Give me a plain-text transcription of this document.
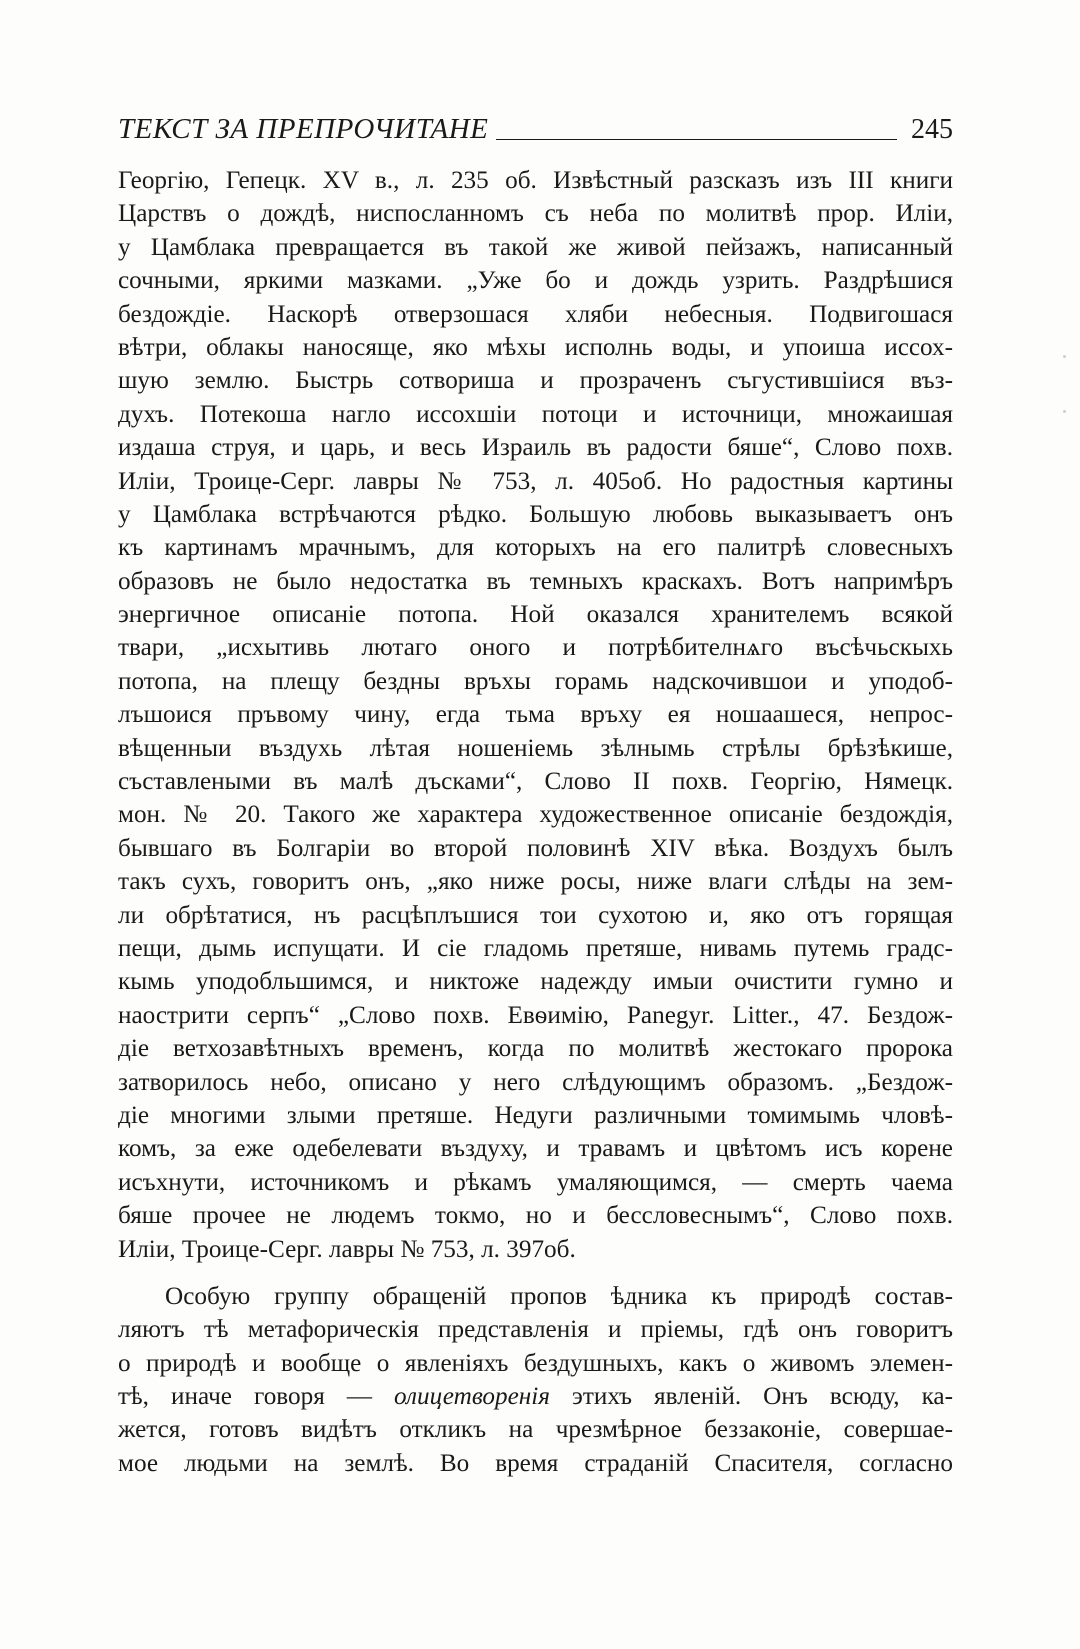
ТЕКСТ ЗА ПРЕПРОЧИТАНЕ	245
Георгію, Гепецк. XV в., л. 235 об. Извѣстный разсказъ изъ III книги
Царствъ о дождѣ, ниспосланномъ съ неба по молитвѣ прор. Иліи,
у Цамблака превращается въ такой же живой пейзажъ, написанный
сочными, яркими мазками. „Уже бо и дождь узрить. Раздрѣшися
бездождіе. Наскорѣ отверзошася хляби небесныя. Подвигошася
вѣтри, облакы наносяще, яко мѣхы исполнь воды, и упоиша иссох-
шую землю. Быстрь сотвориша и прозраченъ съгустившіися въз-
духъ. Потекоша нагло иссохшіи потоци и источници, множаишая
издаша струя, и царь, и весь Израиль въ радости бяше“, Слово похв.
Иліи, Троице-Серг. лавры № 753, л. 405об. Но радостныя картины
у Цамблака встрѣчаются рѣдко. Большую любовь выказываетъ онъ
къ картинамъ мрачнымъ, для которыхъ на его палитрѣ словесныхъ
образовъ не было недостатка въ темныхъ краскахъ. Вотъ напримѣръ
энергичное описаніе потопа. Ной оказался хранителемъ всякой
твари, „исхытивь лютаго оного и потрѣбителнѧго въсѣчьскыхь
потопа, на плещу бездны връхы горамь надскочившои и уподоб-
лъшоися пръвому чину, егда тьма връху ея ношаашеся, непрос-
вѣщенныи въздухь лѣтая ношеніемь зѣлнымь стрѣлы брѣзѣкише,
съставлеными въ малѣ дъсками“, Слово II похв. Георгію, Нямецк.
мон. № 20. Такого же характера художественное описаніе бездождія,
бывшаго въ Болгаріи во второй половинѣ XIV вѣка. Воздухъ былъ
такъ сухъ, говоритъ онъ, „яко ниже росы, ниже влаги слѣды на зем-
ли обрѣтатися, нъ расцѣплъшися тои сухотою и, яко отъ горящая
пещи, дымь испущати. И сіе гладомь претяше, нивамь путемь градс-
кымь уподобльшимся, и никтоже надежду имыи очистити гумно и
наострити серпъ“ „Слово похв. Евѳимію, Panegyr. Litter., 47. Бездож-
діе ветхозавѣтныхъ временъ, когда по молитвѣ жестокаго пророка
затворилось небо, описано у него слѣдующимъ образомъ. „Бездож-
діе многими злыми претяше. Недуги различными томимымь чловѣ-
комъ, за еже одебелевати въздуху, и травамъ и цвѣтомъ исъ корене
исъхнути, источникомъ и рѣкамъ умаляющимся, — смерть чаема
бяше прочее не людемъ токмо, но и бессловеснымъ“, Слово похв.
Иліи, Троице-Серг. лавры № 753, л. 397об.
Особую группу обращеній пропов ѣдника къ природѣ состав-
ляютъ тѣ метафорическія представленія и пріемы, гдѣ онъ говоритъ
о природѣ и вообще о явленіяхъ бездушныхъ, какъ о живомъ элемен-
тѣ, иначе говоря — олицетворенія этихъ явленій. Онъ всюду, ка-
жется, готовъ видѣтъ откликъ на чрезмѣрное беззаконіе, совершае-
мое людьми на землѣ. Во время страданій Спасителя, согласно
